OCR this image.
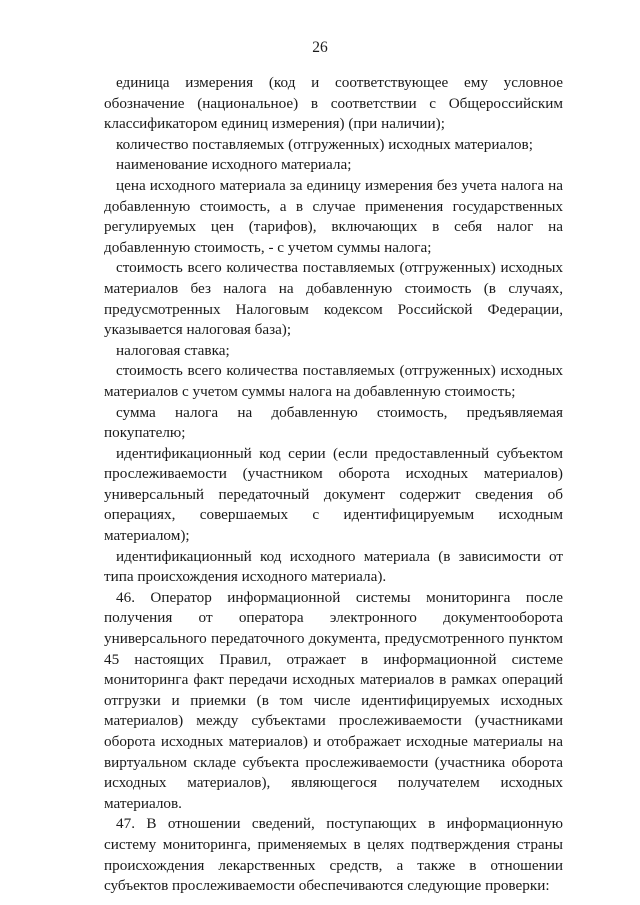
26

единица измерения (код и соответствующее ему условное обозначение (национальное) в соответствии с Общероссийским классификатором единиц измерения) (при наличии);

количество поставляемых (отгруженных) исходных материалов;

наименование исходного материала;

цена исходного материала за единицу измерения без учета налога на добавленную стоимость, а в случае применения государственных регулируемых цен (тарифов), включающих в себя налог на добавленную стоимость, - с учетом суммы налога;

стоимость всего количества поставляемых (отгруженных) исходных материалов без налога на добавленную стоимость (в случаях, предусмотренных Налоговым кодексом Российской Федерации, указывается налоговая база);

налоговая ставка;

стоимость всего количества поставляемых (отгруженных) исходных материалов с учетом суммы налога на добавленную стоимость;

сумма налога на добавленную стоимость, предъявляемая покупателю;

идентификационный код серии (если предоставленный субъектом прослеживаемости (участником оборота исходных материалов) универсальный передаточный документ содержит сведения об операциях, совершаемых с идентифицируемым исходным материалом);

идентификационный код исходного материала (в зависимости от типа происхождения исходного материала).

46. Оператор информационной системы мониторинга после получения от оператора электронного документооборота универсального передаточного документа, предусмотренного пунктом 45 настоящих Правил, отражает в информационной системе мониторинга факт передачи исходных материалов в рамках операций отгрузки и приемки (в том числе идентифицируемых исходных материалов) между субъектами прослеживаемости (участниками оборота исходных материалов) и отображает исходные материалы на виртуальном складе субъекта прослеживаемости (участника оборота исходных материалов), являющегося получателем исходных материалов.

47. В отношении сведений, поступающих в информационную систему мониторинга, применяемых в целях подтверждения страны происхождения лекарственных средств, а также в отношении субъектов прослеживаемости обеспечиваются следующие проверки:
